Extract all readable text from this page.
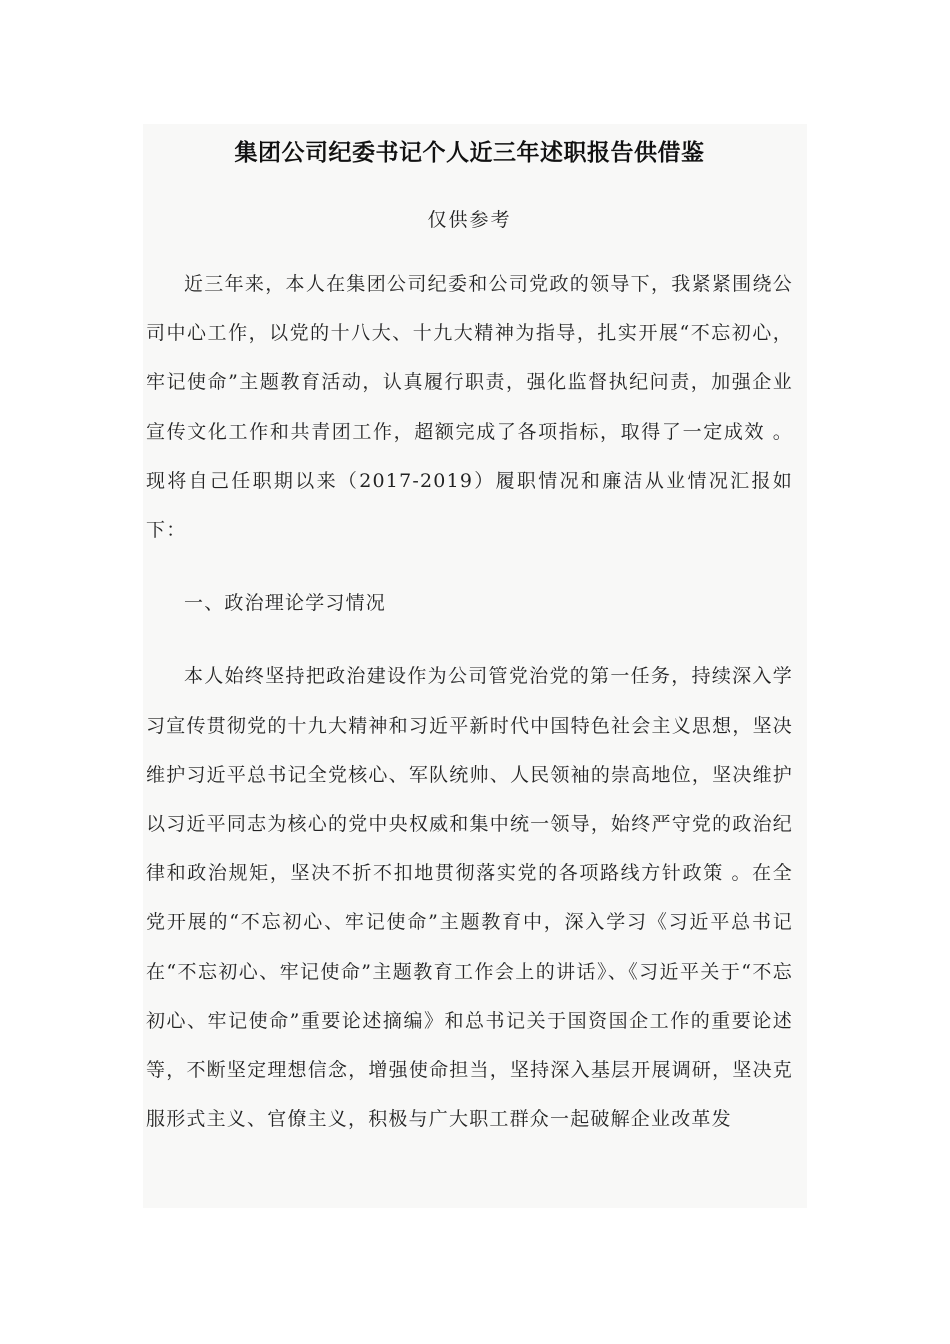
集团公司纪委书记个人近三年述职报告供借鉴
仅供参考

近三年来，本人在集团公司纪委和公司党政的领导下，我紧紧围绕公司中心工作，以党的十八大、十九大精神为指导，扎实开展“不忘初心，牢记使命”主题教育活动，认真履行职责，强化监督执纪问责，加强企业宣传文化工作和共青团工作，超额完成了各项指标，取得了一定成效 。现将自己任职期以来（2017-2019）履职情况和廉洁从业情况汇报如下：

一、政治理论学习情况

本人始终坚持把政治建设作为公司管党治党的第一任务，持续深入学习宣传贯彻党的十九大精神和习近平新时代中国特色社会主义思想，坚决维护习近平总书记全党核心、军队统帅、人民领袖的崇高地位，坚决维护以习近平同志为核心的党中央权威和集中统一领导，始终严守党的政治纪律和政治规矩，坚决不折不扣地贯彻落实党的各项路线方针政策 。在全党开展的“不忘初心、牢记使命”主题教育中，深入学习《习近平总书记在“不忘初心、牢记使命”主题教育工作会上的讲话》、《习近平关于“不忘初心、牢记使命”重要论述摘编》和总书记关于国资国企工作的重要论述等，不断坚定理想信念，增强使命担当，坚持深入基层开展调研，坚决克服形式主义、官僚主义，积极与广大职工群众一起破解企业改革发
